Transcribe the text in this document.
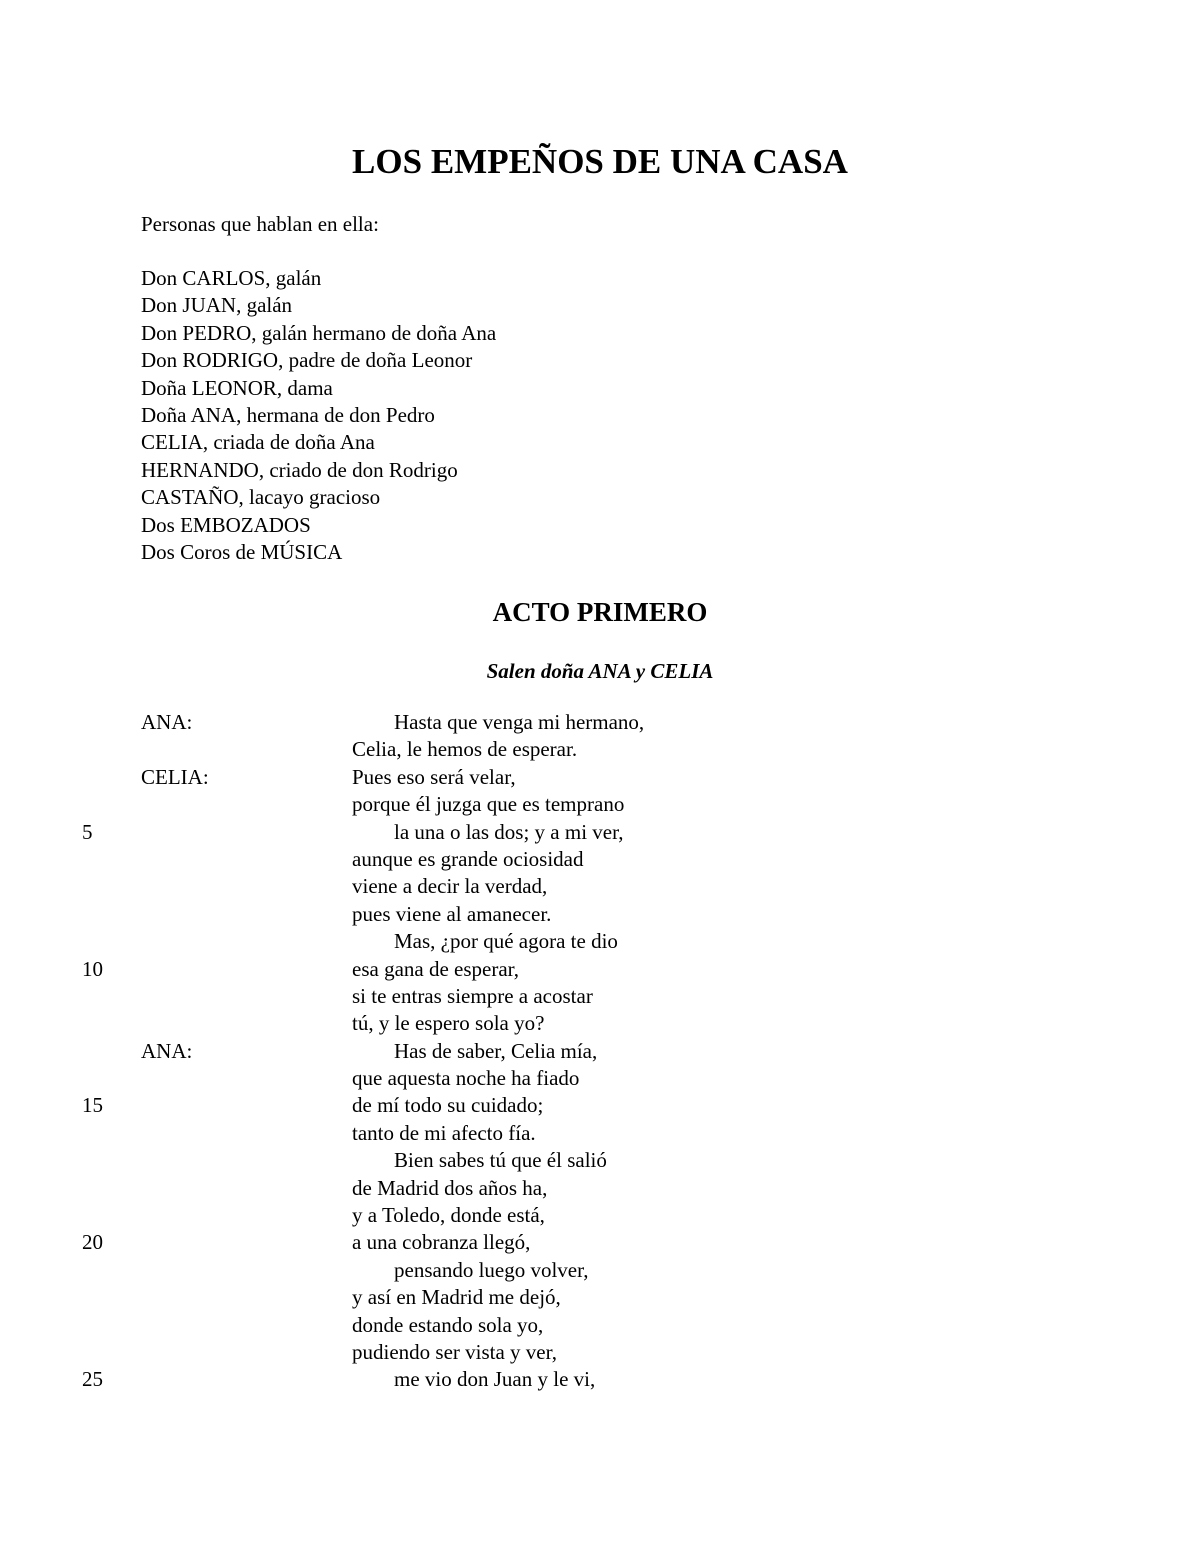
LOS EMPEÑOS DE UNA CASA
Personas que hablan en ella:
Don CARLOS, galán
Don JUAN, galán
Don PEDRO, galán hermano de doña Ana
Don RODRIGO, padre de doña Leonor
Doña LEONOR, dama
Doña ANA, hermana de don Pedro
CELIA, criada de doña Ana
HERNANDO, criado de don Rodrigo
CASTAÑO, lacayo gracioso
Dos EMBOZADOS
Dos Coros de MÚSICA
ACTO PRIMERO
Salen doña ANA y CELIA
ANA:	Hasta que venga mi hermano,
Celia, le hemos de esperar.
CELIA:	Pues eso será velar,
porque él juzga que es temprano
5	la una o las dos; y a mi ver,
aunque es grande ociosidad
viene a decir la verdad,
pues viene al amanecer.
Mas, ¿por qué agora te dio
10	esa gana de esperar,
si te entras siempre a acostar
tú, y le espero sola yo?
ANA:	Has de saber, Celia mía,
que aquesta noche ha fiado
15	de mí todo su cuidado;
tanto de mi afecto fía.
Bien sabes tú que él salió
de Madrid dos años ha,
y a Toledo, donde está,
20	a una cobranza llegó,
pensando luego volver,
y así en Madrid me dejó,
donde estando sola yo,
pudiendo ser vista y ver,
25	me vio don Juan y le vi,
